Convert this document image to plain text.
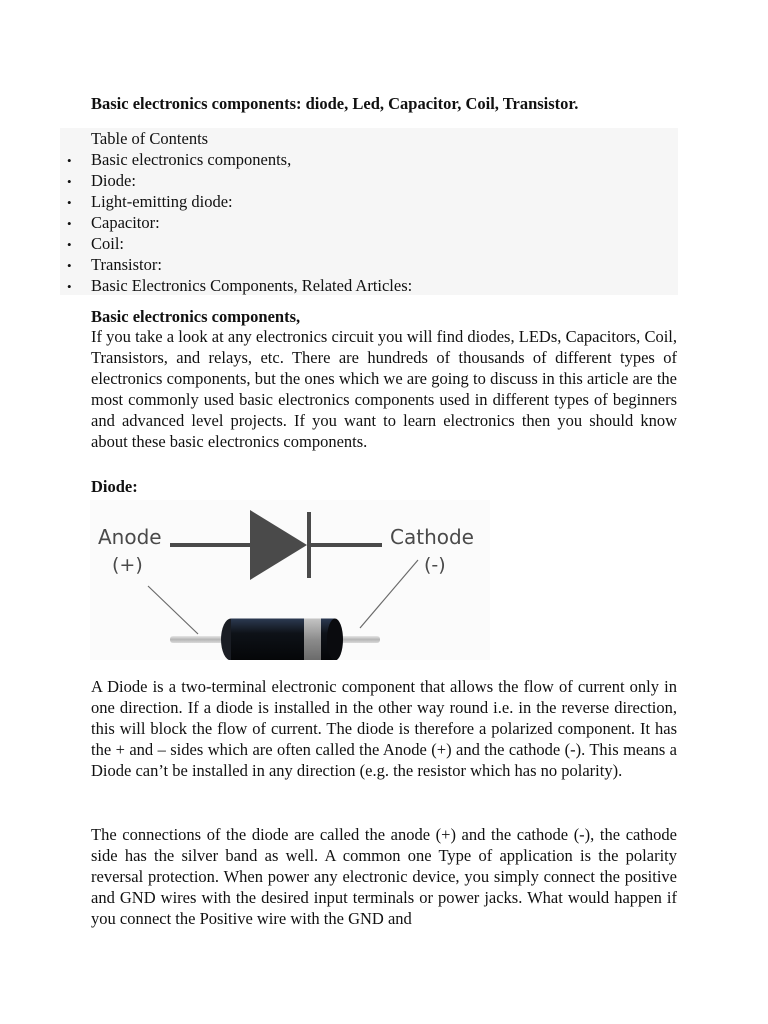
Basic electronics components: diode, Led, Capacitor, Coil, Transistor.
Table of Contents
• Basic electronics components,
• Diode:
• Light-emitting diode:
• Capacitor:
• Coil:
• Transistor:
• Basic Electronics Components, Related Articles:
Basic electronics components,

If you take a look at any electronics circuit you will find diodes, LEDs, Capacitors, Coil, Transistors, and relays, etc. There are hundreds of thousands of different types of electronics components, but the ones which we are going to discuss in this article are the most commonly used basic electronics components used in different types of beginners and advanced level projects. If you want to learn electronics then you should know about these basic electronics components.

Diode:
Anode
(+)
Cathode
(-)

A Diode is a two-terminal electronic component that allows the flow of current only in one direction. If a diode is installed in the other way round i.e. in the reverse direction, this will block the flow of current. The diode is therefore a polarized component. It has the + and – sides which are often called the Anode (+) and the cathode (-). This means a Diode can’t be installed in any direction (e.g. the resistor which has no polarity).

The connections of the diode are called the anode (+) and the cathode (-), the cathode side has the silver band as well. A common one Type of application is the polarity reversal protection. When power any electronic device, you simply connect the positive and GND wires with the desired input terminals or power jacks. What would happen if you connect the Positive wire with the GND and
